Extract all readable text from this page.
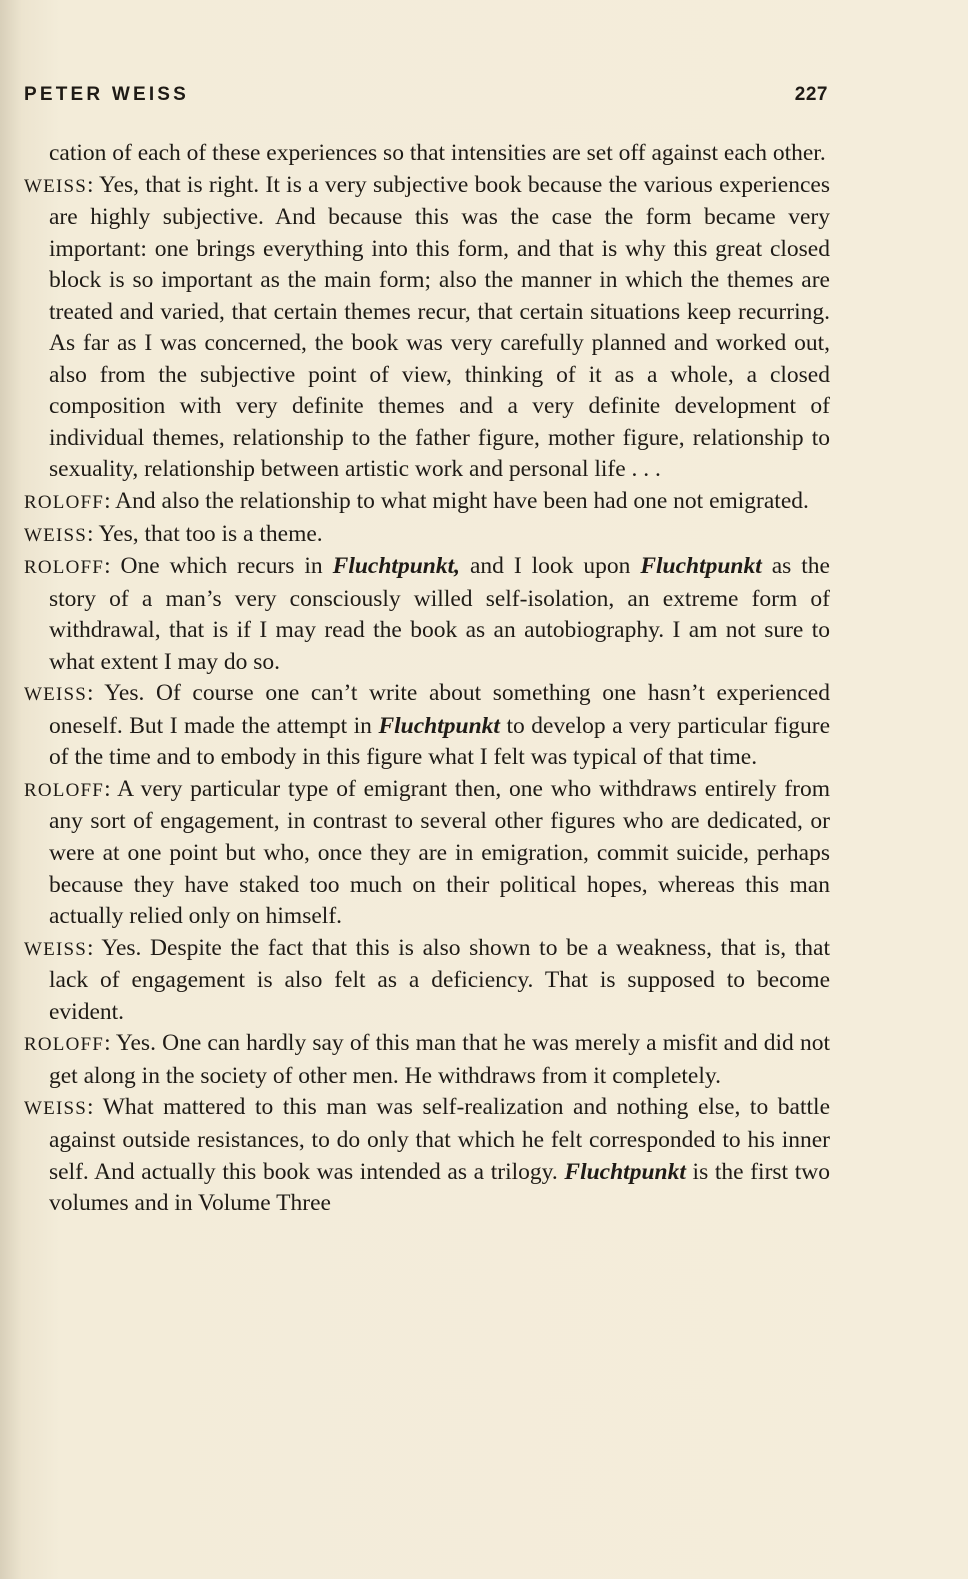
PETER WEISS	227

cation of each of these experiences so that intensities are set off against each other.

WEISS: Yes, that is right. It is a very subjective book because the various experiences are highly subjective. And because this was the case the form became very important: one brings everything into this form, and that is why this great closed block is so important as the main form; also the manner in which the themes are treated and varied, that certain themes recur, that certain situations keep recurring. As far as I was concerned, the book was very carefully planned and worked out, also from the subjective point of view, thinking of it as a whole, a closed composition with very definite themes and a very definite development of individual themes, relationship to the father figure, mother figure, relationship to sexuality, relationship between artistic work and personal life . . .

ROLOFF: And also the relationship to what might have been had one not emigrated.

WEISS: Yes, that too is a theme.

ROLOFF: One which recurs in Fluchtpunkt, and I look upon Fluchtpunkt as the story of a man’s very consciously willed self-isolation, an extreme form of withdrawal, that is if I may read the book as an autobiography. I am not sure to what extent I may do so.

WEISS: Yes. Of course one can’t write about something one hasn’t experienced oneself. But I made the attempt in Fluchtpunkt to develop a very particular figure of the time and to embody in this figure what I felt was typical of that time.

ROLOFF: A very particular type of emigrant then, one who withdraws entirely from any sort of engagement, in contrast to several other figures who are dedicated, or were at one point but who, once they are in emigration, commit suicide, perhaps because they have staked too much on their political hopes, whereas this man actually relied only on himself.

WEISS: Yes. Despite the fact that this is also shown to be a weakness, that is, that lack of engagement is also felt as a deficiency. That is supposed to become evident.

ROLOFF: Yes. One can hardly say of this man that he was merely a misfit and did not get along in the society of other men. He withdraws from it completely.

WEISS: What mattered to this man was self-realization and nothing else, to battle against outside resistances, to do only that which he felt corresponded to his inner self. And actually this book was intended as a trilogy. Fluchtpunkt is the first two volumes and in Volume Three
